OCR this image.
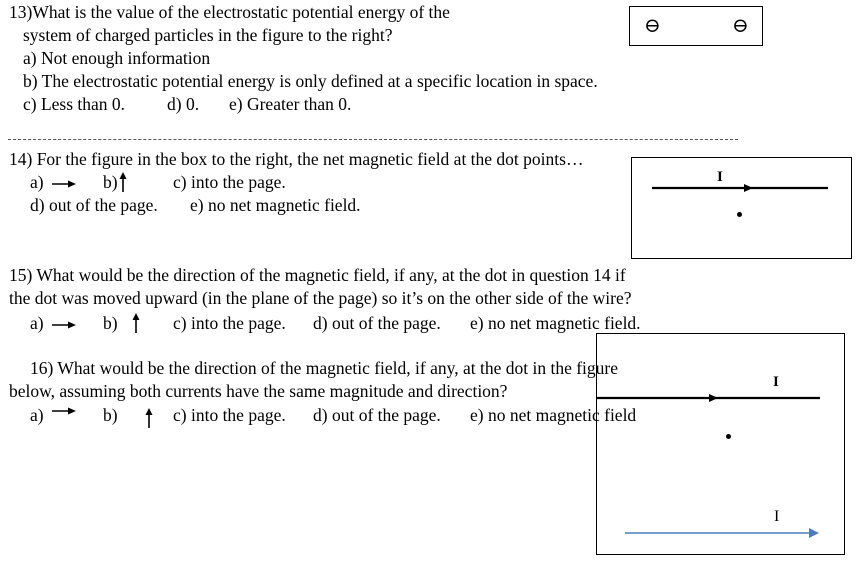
13)What is the value of the electrostatic potential energy of the
system of charged particles in the figure to the right?
a) Not enough information
b) The electrostatic potential energy is only defined at a specific location in space.
c) Less than 0. d) 0. e) Greater than 0.
⊖	⊖
I
14) For the figure in the box to the right, the net magnetic field at the dot points…
a)	b)	c) into the page.
d) out of the page. e) no net magnetic field.
I
I
15) What would be the direction of the magnetic field, if any, at the dot in question 14 if
the dot was moved upward (in the plane of the page) so it’s on the other side of the wire?
a)	b)	c) into the page. d) out of the page. e) no net magnetic field.
16) What would be the direction of the magnetic field, if any, at the dot in the figure
below, assuming both currents have the same magnitude and direction?
a)	b)	c) into the page. d) out of the page. e) no net magnetic field
